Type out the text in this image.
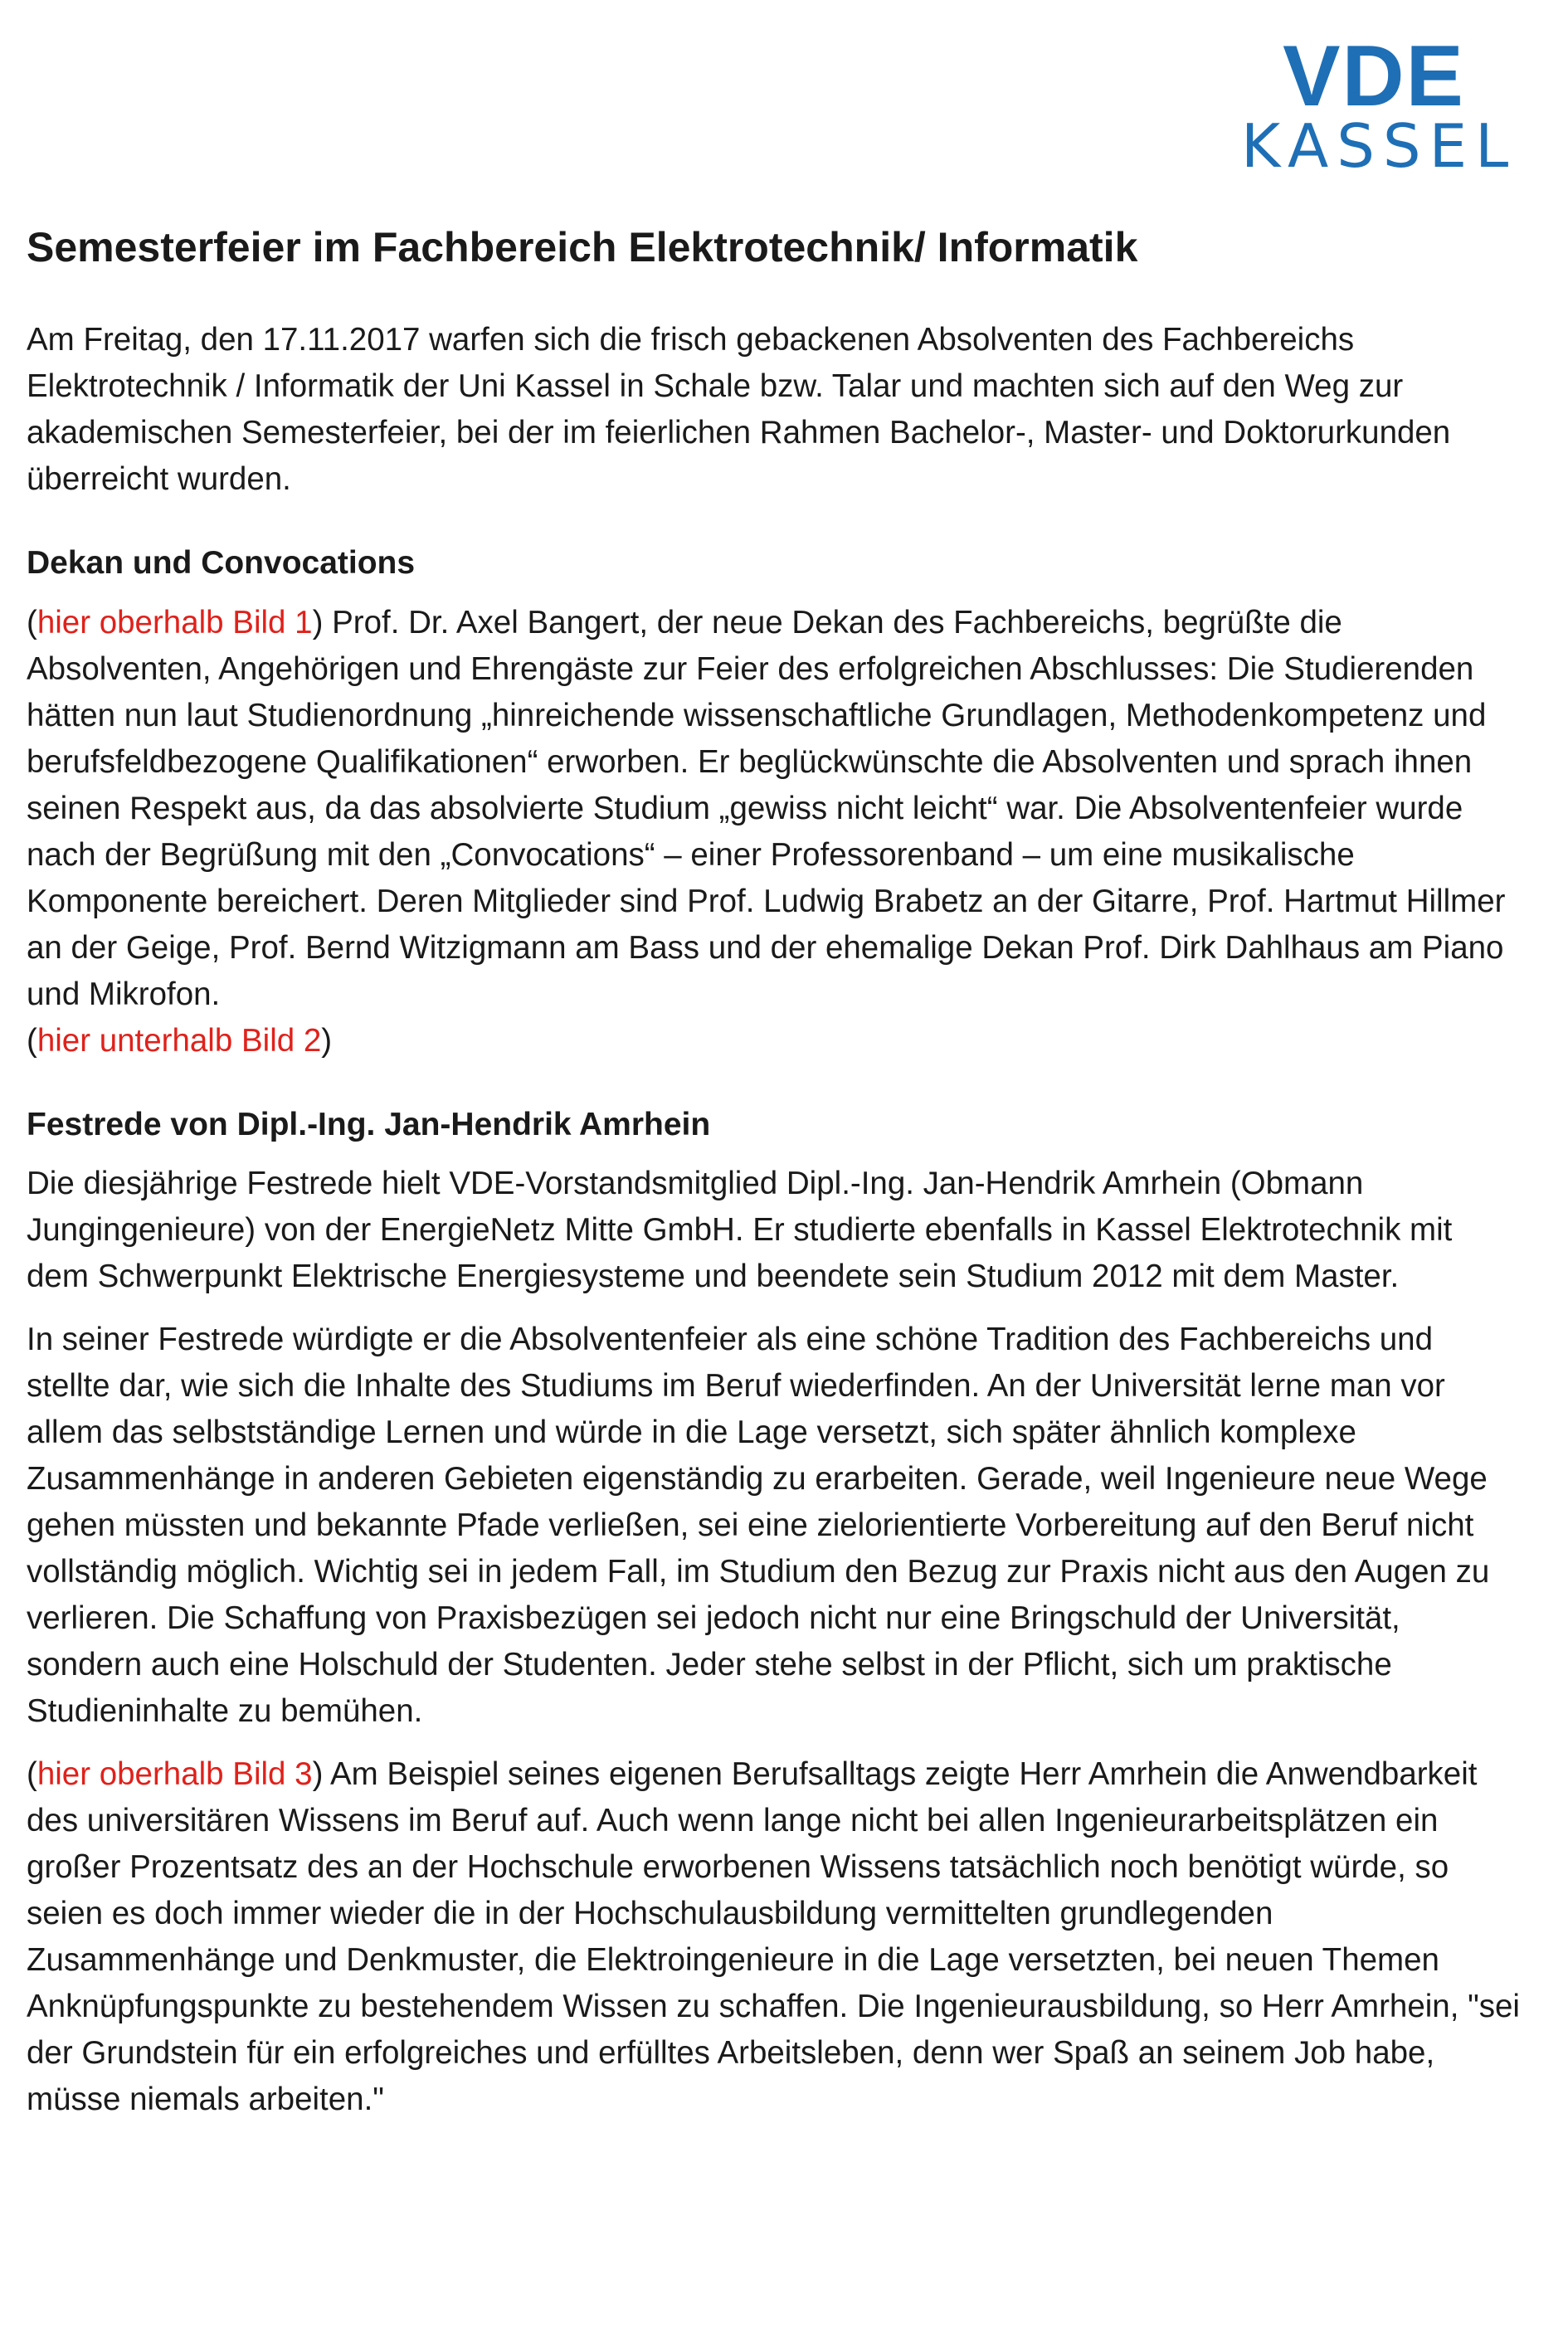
VDE
KASSEL
Semesterfeier im Fachbereich Elektrotechnik/ Informatik

Am Freitag, den 17.11.2017 warfen sich die frisch gebackenen Absolventen des Fachbereichs Elektrotechnik / Informatik der Uni Kassel in Schale bzw. Talar und machten sich auf den Weg zur akademischen Semesterfeier, bei der im feierlichen Rahmen Bachelor-, Master- und Doktorurkunden überreicht wurden.

Dekan und Convocations

(hier oberhalb Bild 1) Prof. Dr. Axel Bangert, der neue Dekan des Fachbereichs, begrüßte die Absolventen, Angehörigen und Ehrengäste zur Feier des erfolgreichen Abschlusses: Die Studierenden hätten nun laut Studienordnung „hinreichende wissenschaftliche Grundlagen, Methodenkompetenz und berufsfeldbezogene Qualifikationen“ erworben. Er beglückwünschte die Absolventen und sprach ihnen seinen Respekt aus, da das absolvierte Studium „gewiss nicht leicht“ war. Die Absolventenfeier wurde nach der Begrüßung mit den „Convocations“ – einer Professorenband – um eine musikalische Komponente bereichert. Deren Mitglieder sind Prof. Ludwig Brabetz an der Gitarre, Prof. Hartmut Hillmer an der Geige, Prof. Bernd Witzigmann am Bass und der ehemalige Dekan Prof. Dirk Dahlhaus am Piano und Mikrofon.
(hier unterhalb Bild 2)

Festrede von Dipl.-Ing. Jan-Hendrik Amrhein

Die diesjährige Festrede hielt VDE-Vorstandsmitglied Dipl.-Ing. Jan-Hendrik Amrhein (Obmann Jungingenieure) von der EnergieNetz Mitte GmbH. Er studierte ebenfalls in Kassel Elektrotechnik mit dem Schwerpunkt Elektrische Energiesysteme und beendete sein Studium 2012 mit dem Master.

In seiner Festrede würdigte er die Absolventenfeier als eine schöne Tradition des Fachbereichs und stellte dar, wie sich die Inhalte des Studiums im Beruf wiederfinden. An der Universität lerne man vor allem das selbstständige Lernen und würde in die Lage versetzt, sich später ähnlich komplexe Zusammenhänge in anderen Gebieten eigenständig zu erarbeiten. Gerade, weil Ingenieure neue Wege gehen müssten und bekannte Pfade verließen, sei eine zielorientierte Vorbereitung auf den Beruf nicht vollständig möglich. Wichtig sei in jedem Fall, im Studium den Bezug zur Praxis nicht aus den Augen zu verlieren. Die Schaffung von Praxisbezügen sei jedoch nicht nur eine Bringschuld der Universität, sondern auch eine Holschuld der Studenten. Jeder stehe selbst in der Pflicht, sich um praktische Studieninhalte zu bemühen.

(hier oberhalb Bild 3) Am Beispiel seines eigenen Berufsalltags zeigte Herr Amrhein die Anwendbarkeit des universitären Wissens im Beruf auf. Auch wenn lange nicht bei allen Ingenieurarbeitsplätzen ein großer Prozentsatz des an der Hochschule erworbenen Wissens tatsächlich noch benötigt würde, so seien es doch immer wieder die in der Hochschulausbildung vermittelten grundlegenden Zusammenhänge und Denkmuster, die Elektroingenieure in die Lage versetzten, bei neuen Themen Anknüpfungspunkte zu bestehendem Wissen zu schaffen. Die Ingenieurausbildung, so Herr Amrhein, "sei der Grundstein für ein erfolgreiches und erfülltes Arbeitsleben, denn wer Spaß an seinem Job habe, müsse niemals arbeiten."
